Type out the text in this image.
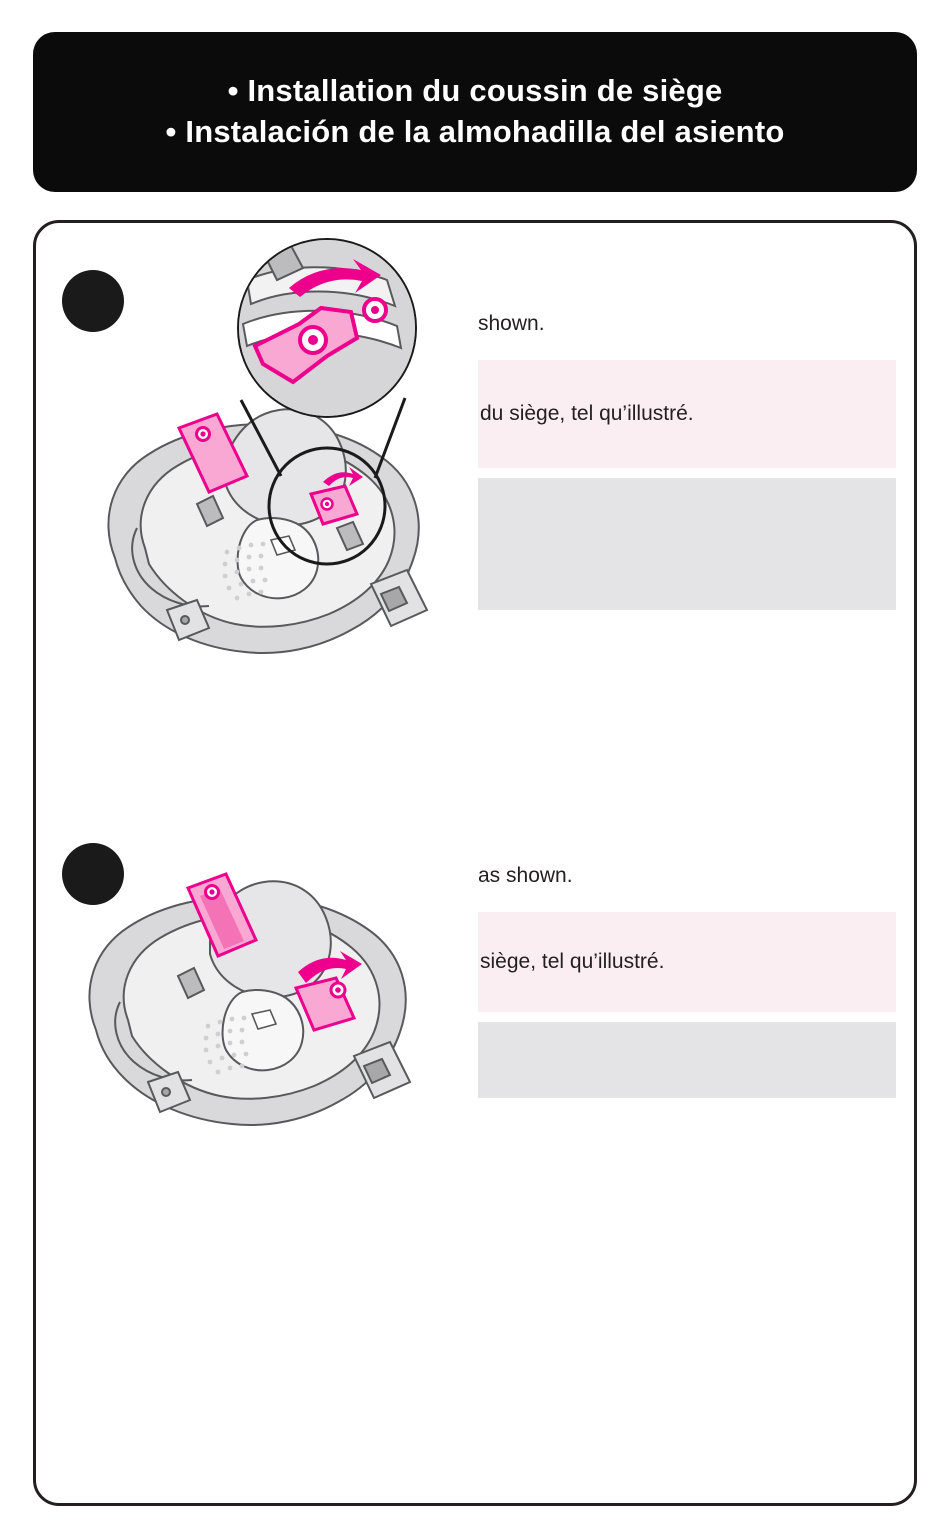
• Installation du coussin de siège
• Instalación de la almohadilla del asiento
shown.
du siège, tel qu’illustré.
as shown.
siège, tel qu’illustré.
